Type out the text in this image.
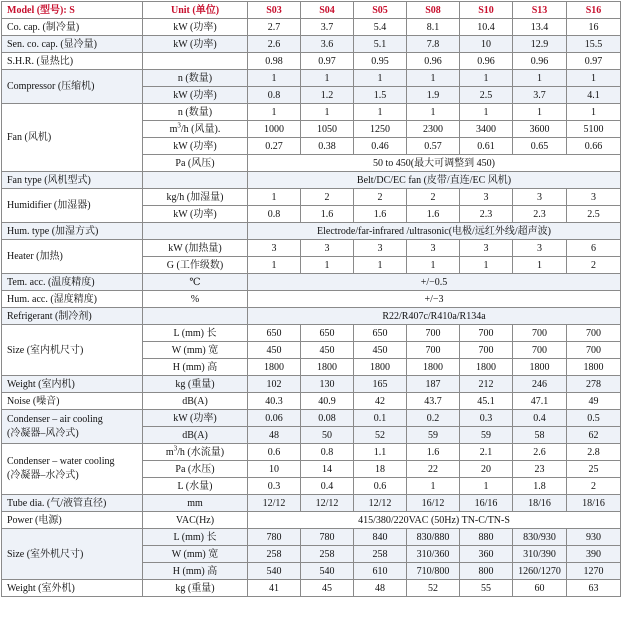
Model (型号): S	Unit (单位)	S03	S04	S05	S08	S10	S13	S16
Co. cap. (制冷量)	kW (功率)	2.7	3.7	5.4	8.1	10.4	13.4	16
Sen. co. cap. (显冷量)	kW (功率)	2.6	3.6	5.1	7.8	10	12.9	15.5
S.H.R. (显热比)		0.98	0.97	0.95	0.96	0.96	0.96	0.97
Compressor (压缩机)	n (数量)	1	1	1	1	1	1	1
	kW (功率)	0.8	1.2	1.5	1.9	2.5	3.7	4.1
Fan (风机)	n (数量)	1	1	1	1	1	1	1
	$m^3/h$ (风量).	1000	1050	1250	2300	3400	3600	5100
	kW (功率)	0.27	0.38	0.46	0.57	0.61	0.65	0.66
	Pa (风压)	50 to 450(最大可调整到 450)						
Fan type (风机型式)		Belt/DC/EC fan (皮带/直连/EC 风机)						
Humidifier (加湿器)	kg/h (加湿量)	1	2	2	2	3	3	3
	kW (功率)	0.8	1.6	1.6	1.6	2.3	2.3	2.5
Hum. type (加湿方式)		Electrode/far-infrared /ultrasonic(电极/远红外线/超声波)						
Heater (加热)	kW (加热量)	3	3	3	3	3	3	6
	G (工作级数)	1	1	1	1	1	1	2
Tem. acc. (温度精度)	℃	+/−0.5						
Hum. acc. (湿度精度)	%	+/−3						
Refrigerant (制冷剂)		R22/R407c/R410a/R134a						
Size (室内机尺寸)	L (mm) 长	650	650	650	700	700	700	700
	W (mm) 宽	450	450	450	700	700	700	700
	H (mm) 高	1800	1800	1800	1800	1800	1800	1800
Weight (室内机)	kg (重量)	102	130	165	187	212	246	278
Noise (噪音)	dB(A)	40.3	40.9	42	43.7	45.1	47.1	49
Condenser – air cooling
(冷凝器–风冷式)	kW (功率)	0.06	0.08	0.1	0.2	0.3	0.4	0.5
	dB(A)	48	50	52	59	59	58	62
Condenser – water cooling
(冷凝器–水冷式)	$m^3/h$ (水流量)	0.6	0.8	1.1	1.6	2.1	2.6	2.8
	Pa (水压)	10	14	18	22	20	23	25
	L (水量)	0.3	0.4	0.6	1	1	1.8	2
Tube dia. (气/液管直径)	mm	12/12	12/12	12/12	16/12	16/16	18/16	18/16
Power (电源)	VAC(Hz)	415/380/220VAC (50Hz) TN-C/TN-S						
Size (室外机尺寸)	L (mm) 长	780	780	840	830/880	880	830/930	930
	W (mm) 宽	258	258	258	310/360	360	310/390	390
	H (mm) 高	540	540	610	710/800	800	1260/1270	1270
Weight (室外机)	kg (重量)	41	45	48	52	55	60	63
